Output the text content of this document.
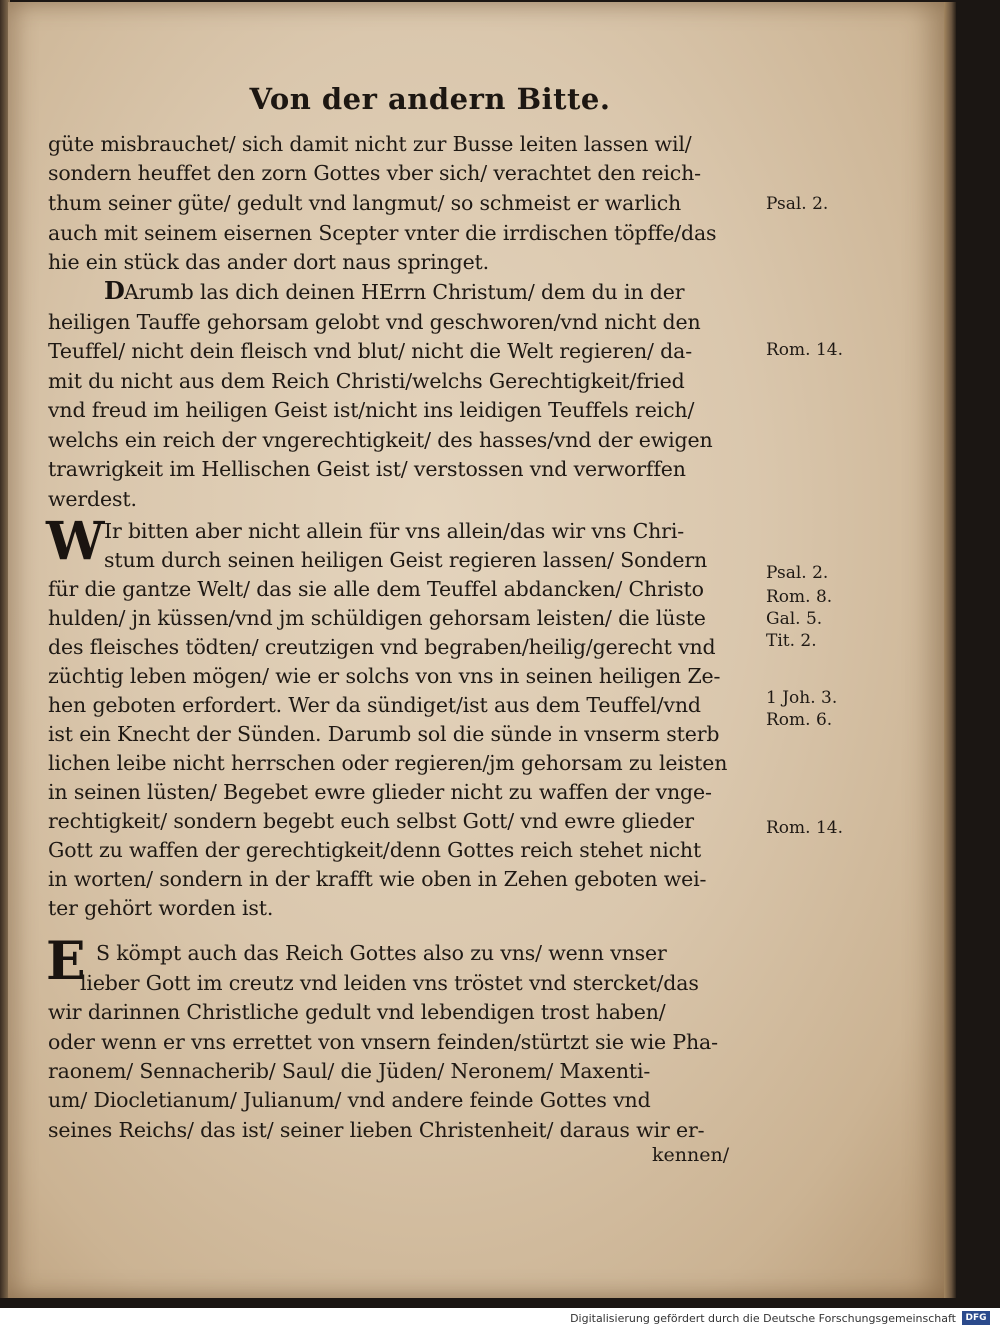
Von der andern Bitte.
güte misbrauchet/ sich damit nicht zur Busse leiten lassen wil/
sondern heuffet den zorn Gottes vber sich/ verachtet den reich-
thum seiner güte/ gedult vnd langmut/ so schmeist er warlich
auch mit seinem eisernen Scepter vnter die irrdischen töpffe/das
hie ein stück das ander dort naus springet.
D Arumb las dich deinen HErrn Christum/ dem du in der
heiligen Tauffe gehorsam gelobt vnd geschworen/vnd nicht den
Teuffel/ nicht dein fleisch vnd blut/ nicht die Welt regieren/ da-
mit du nicht aus dem Reich Christi/welchs Gerechtigkeit/fried
vnd freud im heiligen Geist ist/nicht ins leidigen Teuffels reich/
welchs ein reich der vngerechtigkeit/ des hasses/vnd der ewigen
trawrigkeit im Hellischen Geist ist/ verstossen vnd verworffen
werdest.
W Ir bitten aber nicht allein für vns allein/das wir vns Chri-
stum durch seinen heiligen Geist regieren lassen/ Sondern
für die gantze Welt/ das sie alle dem Teuffel abdancken/ Christo
hulden/ jn küssen/vnd jm schüldigen gehorsam leisten/ die lüste
des fleisches tödten/ creutzigen vnd begraben/heilig/gerecht vnd
züchtig leben mögen/ wie er solchs von vns in seinen heiligen Ze-
hen geboten erfordert. Wer da sündiget/ist aus dem Teuffel/vnd
ist ein Knecht der Sünden. Darumb sol die sünde in vnserm sterb
lichen leibe nicht herrschen oder regieren/jm gehorsam zu leisten
in seinen lüsten/ Begebet ewre glieder nicht zu waffen der vnge-
rechtigkeit/ sondern begebt euch selbst Gott/ vnd ewre glieder
Gott zu waffen der gerechtigkeit/denn Gottes reich stehet nicht
in worten/ sondern in der krafft wie oben in Zehen geboten wei-
ter gehört worden ist.
E S kömpt auch das Reich Gottes also zu vns/ wenn vnser
lieber Gott im creutz vnd leiden vns tröstet vnd stercket/das
wir darinnen Christliche gedult vnd lebendigen trost haben/
oder wenn er vns errettet von vnsern feinden/stürtzt sie wie Pha-
raonem/ Sennacherib/ Saul/ die Jüden/ Neronem/ Maxenti-
um/ Diocletianum/ Julianum/ vnd andere feinde Gottes vnd
seines Reichs/ das ist/ seiner lieben Christenheit/ daraus wir er-
kennen/
Psal. 2.
Rom. 14.
Psal. 2.
Rom. 8.
Gal. 5.
Tit. 2.
1 Joh. 3.
Rom. 6.
Rom. 14.
Digitalisierung gefördert durch die Deutsche Forschungsgemeinschaft	DFG
